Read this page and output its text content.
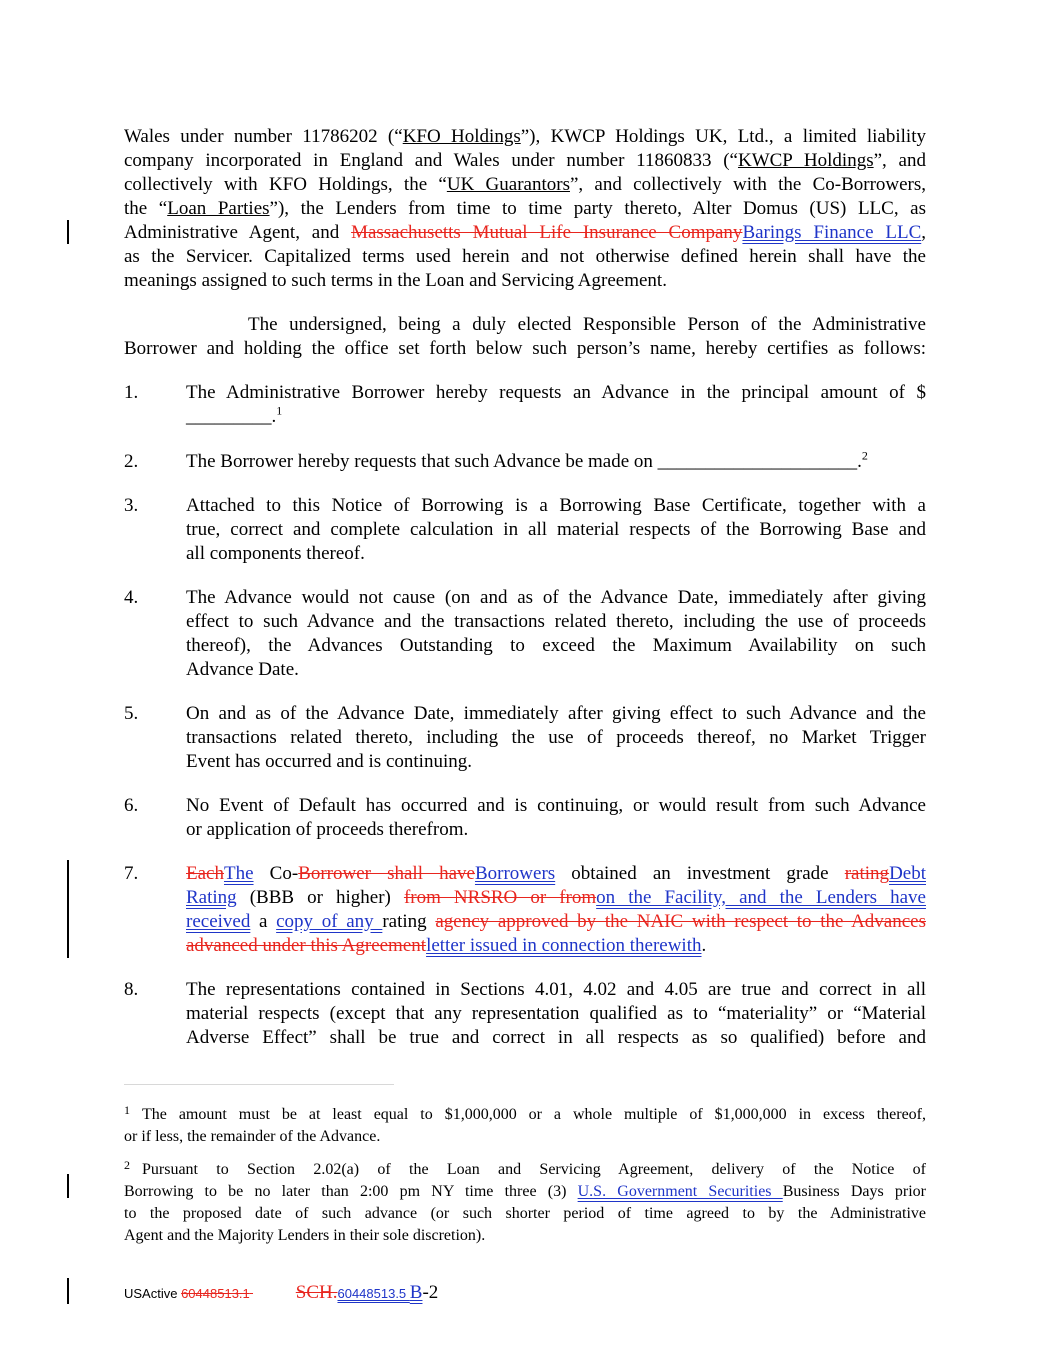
Wales under number 11786202 (“KFO Holdings”), KWCP Holdings UK, Ltd., a limited liability
company incorporated in England and Wales under number 11860833 (“KWCP Holdings”, and
collectively with KFO Holdings, the “UK Guarantors”, and collectively with the Co-Borrowers,
the “Loan Parties”), the Lenders from time to time party thereto, Alter Domus (US) LLC, as
Administrative Agent, and Massachusetts Mutual Life Insurance CompanyBarings Finance LLC,
as the Servicer. Capitalized terms used herein and not otherwise defined herein shall have the
meanings assigned to such terms in the Loan and Servicing Agreement.
The undersigned, being a duly elected Responsible Person of the Administrative
Borrower and holding the office set forth below such person’s name, hereby certifies as follows:
1.	The Administrative Borrower hereby requests an Advance in the principal amount of $
_________.$^1$
2.	The Borrower hereby requests that such Advance be made on _____________________.$^2$
3.	Attached to this Notice of Borrowing is a Borrowing Base Certificate, together with a
true, correct and complete calculation in all material respects of the Borrowing Base and
all components thereof.
4.	The Advance would not cause (on and as of the Advance Date, immediately after giving
effect to such Advance and the transactions related thereto, including the use of proceeds
thereof), the Advances Outstanding to exceed the Maximum Availability on such
Advance Date.
5.	On and as of the Advance Date, immediately after giving effect to such Advance and the
transactions related thereto, including the use of proceeds thereof, no Market Trigger
Event has occurred and is continuing.
6.	No Event of Default has occurred and is continuing, or would result from such Advance
or application of proceeds therefrom.
7.	EachThe Co-Borrower shall haveBorrowers obtained an investment grade ratingDebt
Rating (BBB or higher) from NRSRO or fromon the Facility, and the Lenders have
received a copy of any rating agency approved by the NAIC with respect to the Advances
advanced under this Agreementletter issued in connection therewith.
8.	The representations contained in Sections 4.01, 4.02 and 4.05 are true and correct in all
material respects (except that any representation qualified as to “materiality” or “Material
Adverse Effect” shall be true and correct in all respects as so qualified) before and
$^1$ The amount must be at least equal to $1,000,000 or a whole multiple of $1,000,000 in excess thereof,
or if less, the remainder of the Advance.
$^2$ Pursuant to Section 2.02(a) of the Loan and Servicing Agreement, delivery of the Notice of
Borrowing to be no later than 2:00 pm NY time three (3) U.S. Government Securities Business Days prior
to the proposed date of such advance (or such shorter period of time agreed to by the Administrative
Agent and the Majority Lenders in their sole discretion).
USActive 60448513.1 SCH.60448513.5 B-2
